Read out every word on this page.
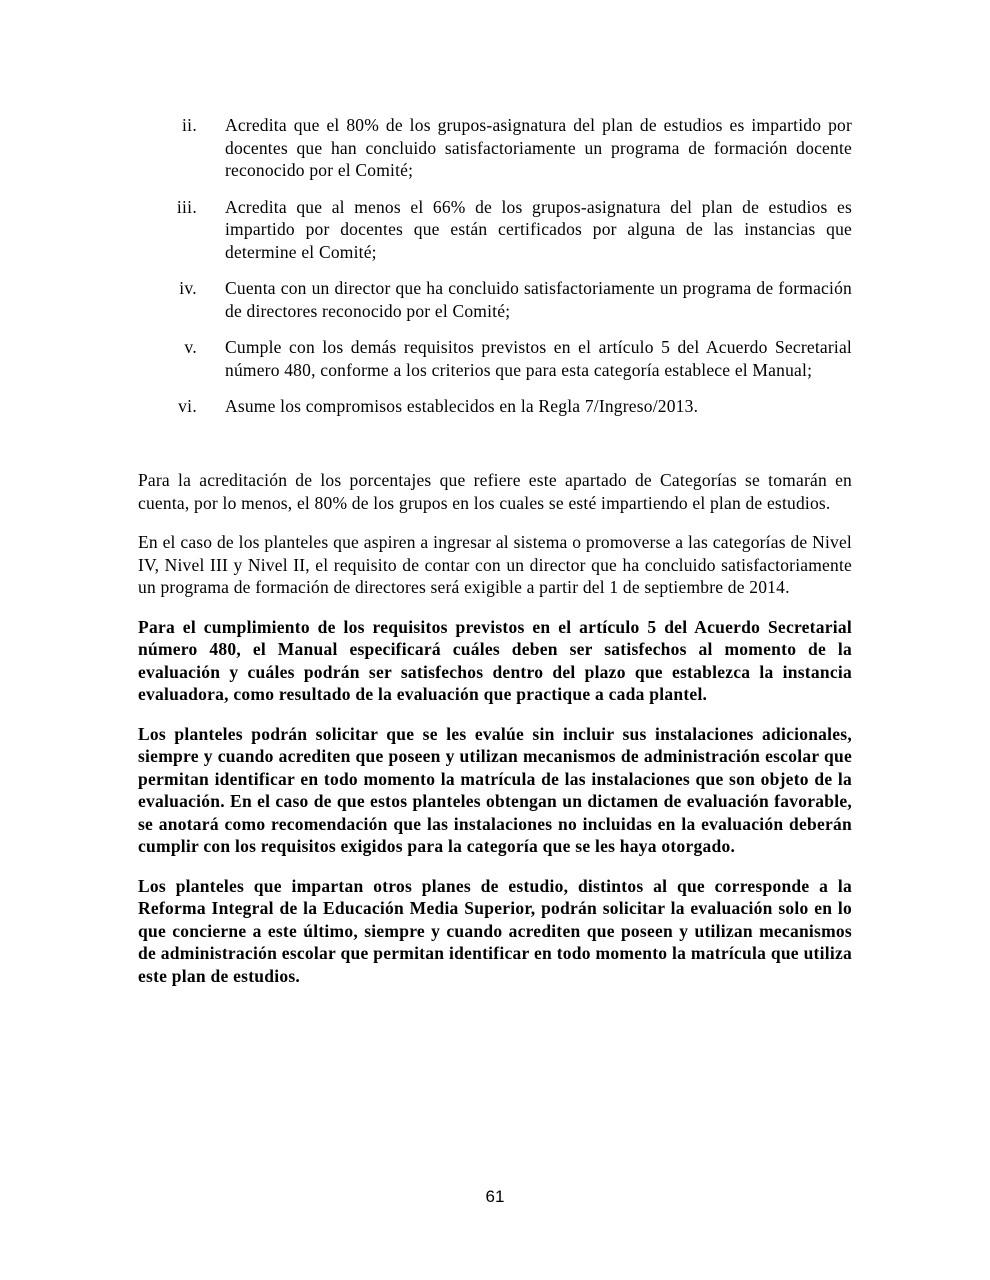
ii.	Acredita que el 80% de los grupos-asignatura del plan de estudios es impartido por docentes que han concluido satisfactoriamente un programa de formación docente reconocido por el Comité;
iii.	Acredita que al menos el 66% de los grupos-asignatura del plan de estudios es impartido por docentes que están certificados por alguna de las instancias que determine el Comité;
iv.	Cuenta con un director que ha concluido satisfactoriamente un programa de formación de directores reconocido por el Comité;
v.	Cumple con los demás requisitos previstos en el artículo 5 del Acuerdo Secretarial número 480, conforme a los criterios que para esta categoría establece el Manual;
vi.	Asume los compromisos establecidos en la Regla 7/Ingreso/2013.

Para la acreditación de los porcentajes que refiere este apartado de Categorías se tomarán en cuenta, por lo menos, el 80% de los grupos en los cuales se esté impartiendo el plan de estudios.

En el caso de los planteles que aspiren a ingresar al sistema o promoverse a las categorías de Nivel IV, Nivel III y Nivel II, el requisito de contar con un director que ha concluido satisfactoriamente un programa de formación de directores será exigible a partir del 1 de septiembre de 2014.

Para el cumplimiento de los requisitos previstos en el artículo 5 del Acuerdo Secretarial número 480, el Manual especificará cuáles deben ser satisfechos al momento de la evaluación y cuáles podrán ser satisfechos dentro del plazo que establezca la instancia evaluadora, como resultado de la evaluación que practique a cada plantel.

Los planteles podrán solicitar que se les evalúe sin incluir sus instalaciones adicionales, siempre y cuando acrediten que poseen y utilizan mecanismos de administración escolar que permitan identificar en todo momento la matrícula de las instalaciones que son objeto de la evaluación. En el caso de que estos planteles obtengan un dictamen de evaluación favorable, se anotará como recomendación que las instalaciones no incluidas en la evaluación deberán cumplir con los requisitos exigidos para la categoría que se les haya otorgado.

Los planteles que impartan otros planes de estudio, distintos al que corresponde a la Reforma Integral de la Educación Media Superior, podrán solicitar la evaluación solo en lo que concierne a este último, siempre y cuando acrediten que poseen y utilizan mecanismos de administración escolar que permitan identificar en todo momento la matrícula que utiliza este plan de estudios.

61
